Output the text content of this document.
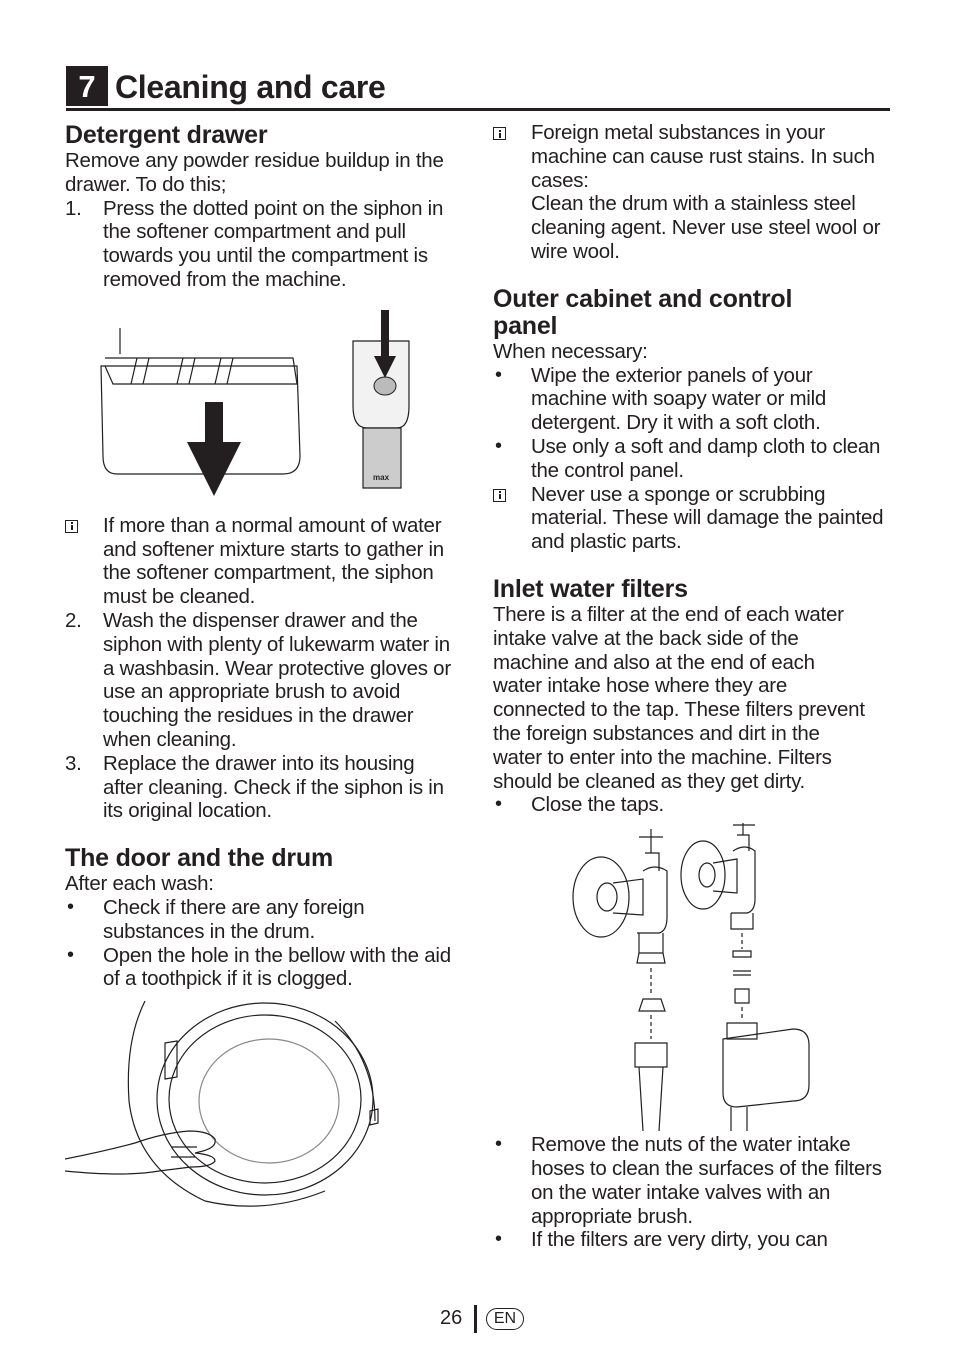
7 Cleaning and care
Detergent drawer

Remove any powder residue buildup in the drawer. To do this;

1. Press the dotted point on the siphon in the softener compartment and pull towards you until the compartment is removed from the machine.
max
If more than a normal amount of water and softener mixture starts to gather in the softener compartment, the siphon must be cleaned.
2. Wash the dispenser drawer and the siphon with plenty of lukewarm water in a washbasin. Wear protective gloves or use an appropriate brush to avoid touching the residues in the drawer when cleaning.
3. Replace the drawer into its housing after cleaning. Check if the siphon is in its original location.
The door and the drum

After each wash:

• Check if there are any foreign substances in the drum.
• Open the hole in the bellow with the aid of a toothpick if it is clogged.
Foreign metal substances in your machine can cause rust stains. In such cases:
Clean the drum with a stainless steel cleaning agent. Never use steel wool or wire wool.
Outer cabinet and control panel

When necessary:

• Wipe the exterior panels of your machine with soapy water or mild detergent. Dry it with a soft cloth.
• Use only a soft and damp cloth to clean the control panel.
Never use a sponge or scrubbing material. These will damage the painted and plastic parts.
Inlet water filters

There is a filter at the end of each water intake valve at the back side of the machine and also at the end of each water intake hose where they are connected to the tap. These filters prevent the foreign substances and dirt in the water to enter into the machine. Filters should be cleaned as they get dirty.

• Close the taps.
• Remove the nuts of the water intake hoses to clean the surfaces of the filters on the water intake valves with an appropriate brush.
• If the filters are very dirty, you can
26	EN
